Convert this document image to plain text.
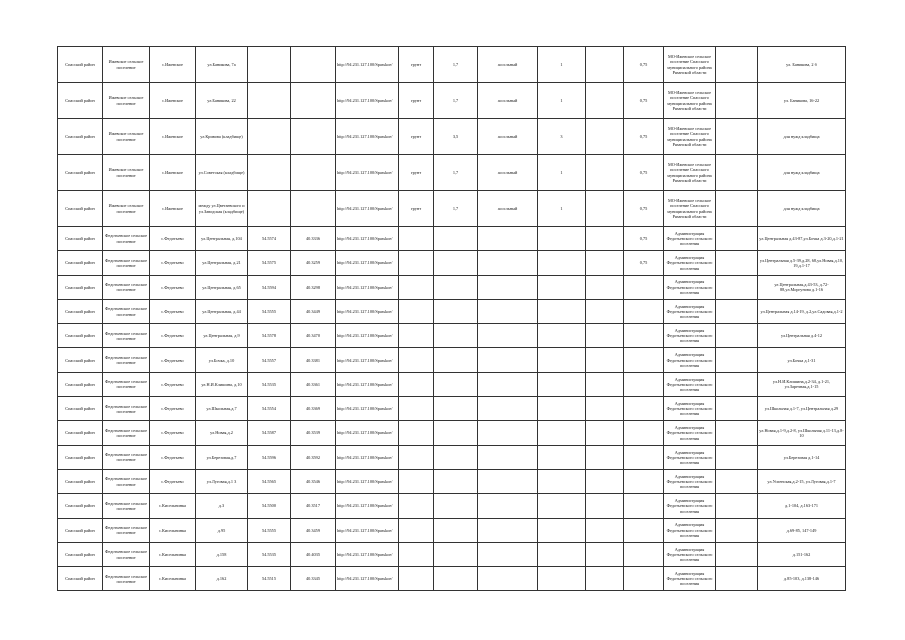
Спасский район	Ижевское сельское поселение	с.Ижевское	ул.Баникова, 7а			http://94.231.127.100/Spasskoe/	грунт	1,7	асосльный	1		0,75	МО-Ижевское сельское поселение Спасского муниципального района Рязанской области		ул. Баникова, 2 б
Спасский район	Ижевское сельское поселение	с.Ижевское	ул.Баникова, 22			http://94.231.127.100/Spasskoe/	грунт	1,7	асосльный	1		0,75	МО-Ижевское сельское поселение Спасского муниципального района Рязанской области		ул. Баникова, 16-22
Спасский район	Ижевское сельское поселение	с.Ижевское	ул.Кривова (кладбище)			http://94.231.127.100/Spasskoe/	грунт	3,5	асосльный	3		0,75	МО-Ижевское сельское поселение Спасского муниципального района Рязанской области		для нужд кладбища
Спасский район	Ижевское сельское поселение	с.Ижевское	ул.Советская (кладбище)			http://94.231.127.100/Spasskoe/	грунт	1,7	асосльный	1		0,75	МО-Ижевское сельское поселение Спасского муниципального района Рязанской области		для нужд кладбища
Спасский район	Ижевское сельское поселение	с.Ижевское	между ул.Цветаевского и ул.Заводская (кладбище)			http://94.231.127.100/Spasskoe/	грунт	1,7	асосльный	1		0,75	МО-Ижевское сельское поселение Спасского муниципального района Рязанской области		для нужд кладбища
Спасский район	Федотьевское сельское поселение	с.Федотьево	ул.Центральная, д.104	54.5574	40.3336	http://94.231.127.100/Spasskoe/						0,75	Администрация Федотьевского сельского поселения		ул.Центральная д.43-87,ул.Бочка д.3-20,д.1-21
Спасский район	Федотьевское сельское поселение	с.Федотьево	ул.Центральная, д.21	54.5575	40.3259	http://94.231.127.100/Spasskoe/						0,75	Администрация Федотьевского сельского поселения		ул.Центральная д.5-39,д.28, 68,ул.Новая,д.10, 19,д.1-17
Спасский район	Федотьевское сельское поселение	с.Федотьево	ул.Центральная, д.65	54.5594	40.3298	http://94.231.127.100/Spasskoe/							Администрация Федотьевского сельского поселения		ул.Центральная,д.43-53, д.72-88,ул.Моргунова д.1-16
Спасский район	Федотьевское сельское поселение	с.Федотьево	ул.Центральная, д.44	54.5555	40.3449	http://94.231.127.100/Spasskoe/							Администрация Федотьевского сельского поселения		ул.Центральная д.14-19, д.2,ул.Садовая,д.1-2
Спасский район	Федотьевское сельское поселение	с.Федотьево	ул.Центральная, д.9	54.5578	40.3470	http://94.231.127.100/Spasskoe/							Администрация Федотьевского сельского поселения		ул.Центральная д.4-12
Спасский район	Федотьевское сельское поселение	с.Федотьево	ул.Бочка, д.10	54.5557	40.3381	http://94.231.127.100/Spasskoe/							Администрация Федотьевского сельского поселения		ул.Бочка д.1-31
Спасский район	Федотьевское сельское поселение	с.Федотьево	ул.Н.И.Клишина, д.10	54.5535	40.3361	http://94.231.127.100/Spasskoe/							Администрация Федотьевского сельского поселения		ул.Н.И.Клишина,д.2-34, д.1-21, ул.Заречная,д.1-15
Спасский район	Федотьевское сельское поселение	с.Федотьево	ул.Школьная,д.7	54.5554	40.3369	http://94.231.127.100/Spasskoe/							Администрация Федотьевского сельского поселения		ул.Школьная д.1-7, ул.Центральная д.29
Спасский район	Федотьевское сельское поселение	с.Федотьево	ул.Новая,д.2	54.5587	40.3539	http://94.231.127.100/Spasskoe/							Администрация Федотьевского сельского поселения		ул.Новая,д.1-9,д.2-8, ул.Школьная д.11-13,д.8-10
Спасский район	Федотьевское сельское поселение	с.Федотьево	ул.Березовая,д.7	54.5596	40.3592	http://94.231.127.100/Spasskoe/							Администрация Федотьевского сельского поселения		ул.Березовая д.1-14
Спасский район	Федотьевское сельское поселение	с.Федотьево	ул.Луговая,д.1 3	54.5565	40.3546	http://94.231.127.100/Spasskoe/							Администрация Федотьевского сельского поселения		ул.Успенская,д.2-15, ул.Луговая,д.1-7
Спасский район	Федотьевское сельское поселение	с.Кисельнинка	д.3	54.5500	40.3517	http://94.231.127.100/Spasskoe/							Администрация Федотьевского сельского поселения		д.1-104, д.163-171
Спасский район	Федотьевское сельское поселение	с.Кисельнинка	д.95	54.5555	40.3459	http://94.231.127.100/Spasskoe/							Администрация Федотьевского сельского поселения		д.69-85, 147-149
Спасский район	Федотьевское сельское поселение	с.Кисельнинка	д.158	54.5535	40.4035	http://94.231.127.100/Spasskoe/							Администрация Федотьевского сельского поселения		д.151-162
Спасский район	Федотьевское сельское поселение	с.Кисельнинка	д.162	54.5515	40.3345	http://94.231.127.100/Spasskoe/							Администрация Федотьевского сельского поселения		д.85-103, д.138-146
